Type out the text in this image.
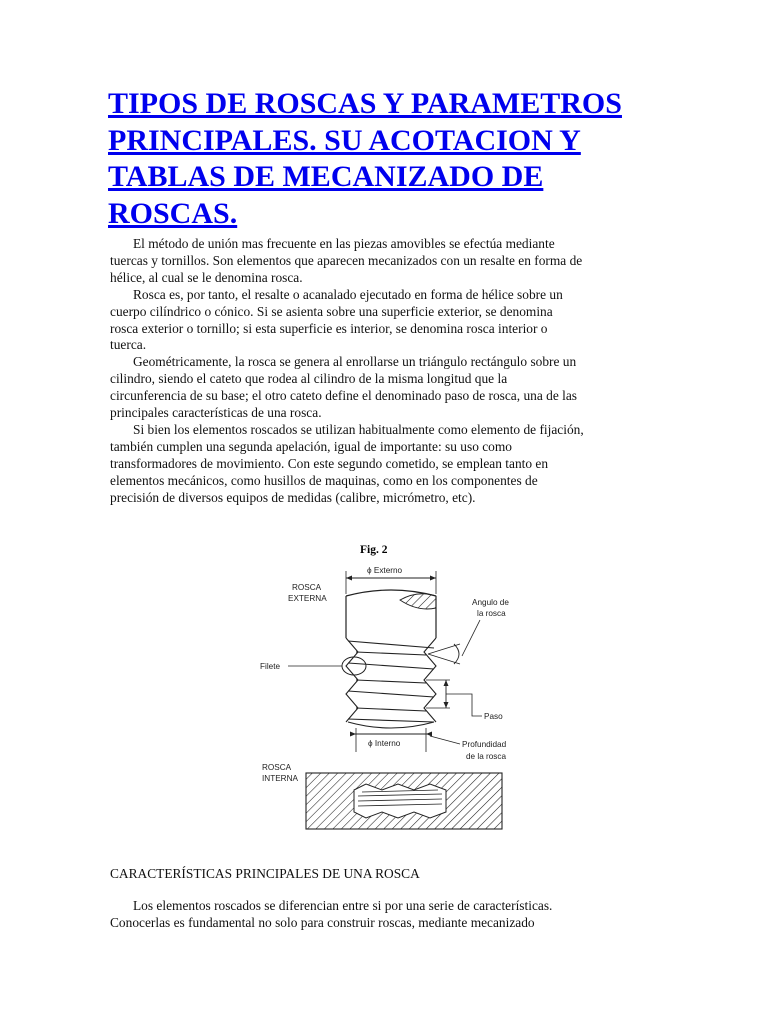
TIPOS DE ROSCAS Y PARAMETROS
PRINCIPALES. SU ACOTACION Y
TABLAS DE MECANIZADO DE
ROSCAS.

El método de unión mas frecuente en las piezas amovibles se efectúa mediante
tuercas y tornillos. Son elementos que aparecen mecanizados con un resalte en forma de
hélice, al cual se le denomina rosca.

Rosca es, por tanto, el resalte o acanalado ejecutado en forma de hélice sobre un
cuerpo cilíndrico o cónico. Si se asienta sobre una superficie exterior, se denomina
rosca exterior o tornillo; si esta superficie es interior, se denomina rosca interior o
tuerca.

Geométricamente, la rosca se genera al enrollarse un triángulo rectángulo sobre un
cilindro, siendo el cateto que rodea al cilindro de la misma longitud que la
circunferencia de su base; el otro cateto define el denominado paso de rosca, una de las
principales características de una rosca.

Si bien los elementos roscados se utilizan habitualmente como elemento de fijación,
también cumplen una segunda apelación, igual de importante: su uso como
transformadores de movimiento. Con este segundo cometido, se emplean tanto en
elementos mecánicos, como husillos de maquinas, como en los componentes de
precisión de diversos equipos de medidas (calibre, micrómetro, etc).

Fig. 2
ϕ Externo
ROSCA
EXTERNA
Filete
Angulo de
la rosca
Paso
ϕ Interno	Profundidad
de la rosca
ROSCA
INTERNA
CARACTERÍSTICAS PRINCIPALES DE UNA ROSCA

Los elementos roscados se diferencian entre si por una serie de características.
Conocerlas es fundamental no solo para construir roscas, mediante mecanizado
